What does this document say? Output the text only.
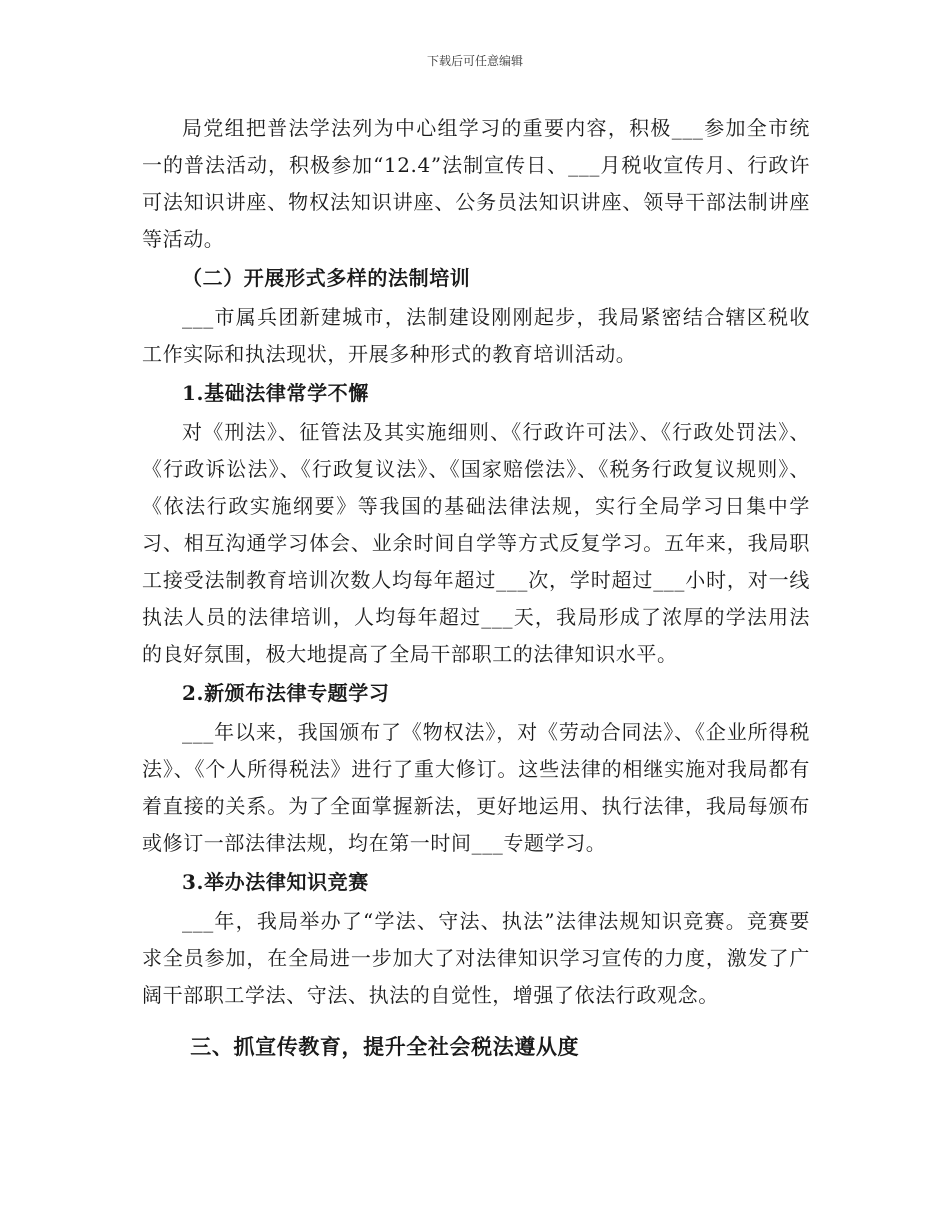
下载后可任意编辑

局党组把普法学法列为中心组学习的重要内容，积极___参加全市统一的普法活动，积极参加“12.4”法制宣传日、___月税收宣传月、行政许可法知识讲座、物权法知识讲座、公务员法知识讲座、领导干部法制讲座等活动。

（二）开展形式多样的法制培训

___市属兵团新建城市，法制建设刚刚起步，我局紧密结合辖区税收工作实际和执法现状，开展多种形式的教育培训活动。

1.基础法律常学不懈

对《刑法》、征管法及其实施细则、《行政许可法》、《行政处罚法》、《行政诉讼法》、《行政复议法》、《国家赔偿法》、《税务行政复议规则》、《依法行政实施纲要》等我国的基础法律法规，实行全局学习日集中学习、相互沟通学习体会、业余时间自学等方式反复学习。五年来，我局职工接受法制教育培训次数人均每年超过___次，学时超过___小时，对一线执法人员的法律培训，人均每年超过___天，我局形成了浓厚的学法用法的良好氛围，极大地提高了全局干部职工的法律知识水平。

2.新颁布法律专题学习

___年以来，我国颁布了《物权法》，对《劳动合同法》、《企业所得税法》、《个人所得税法》进行了重大修订。这些法律的相继实施对我局都有着直接的关系。为了全面掌握新法，更好地运用、执行法律，我局每颁布或修订一部法律法规，均在第一时间___专题学习。

3.举办法律知识竞赛

___年，我局举办了“学法、守法、执法”法律法规知识竞赛。竞赛要求全员参加，在全局进一步加大了对法律知识学习宣传的力度，激发了广阔干部职工学法、守法、执法的自觉性，增强了依法行政观念。

三、抓宣传教育，提升全社会税法遵从度
